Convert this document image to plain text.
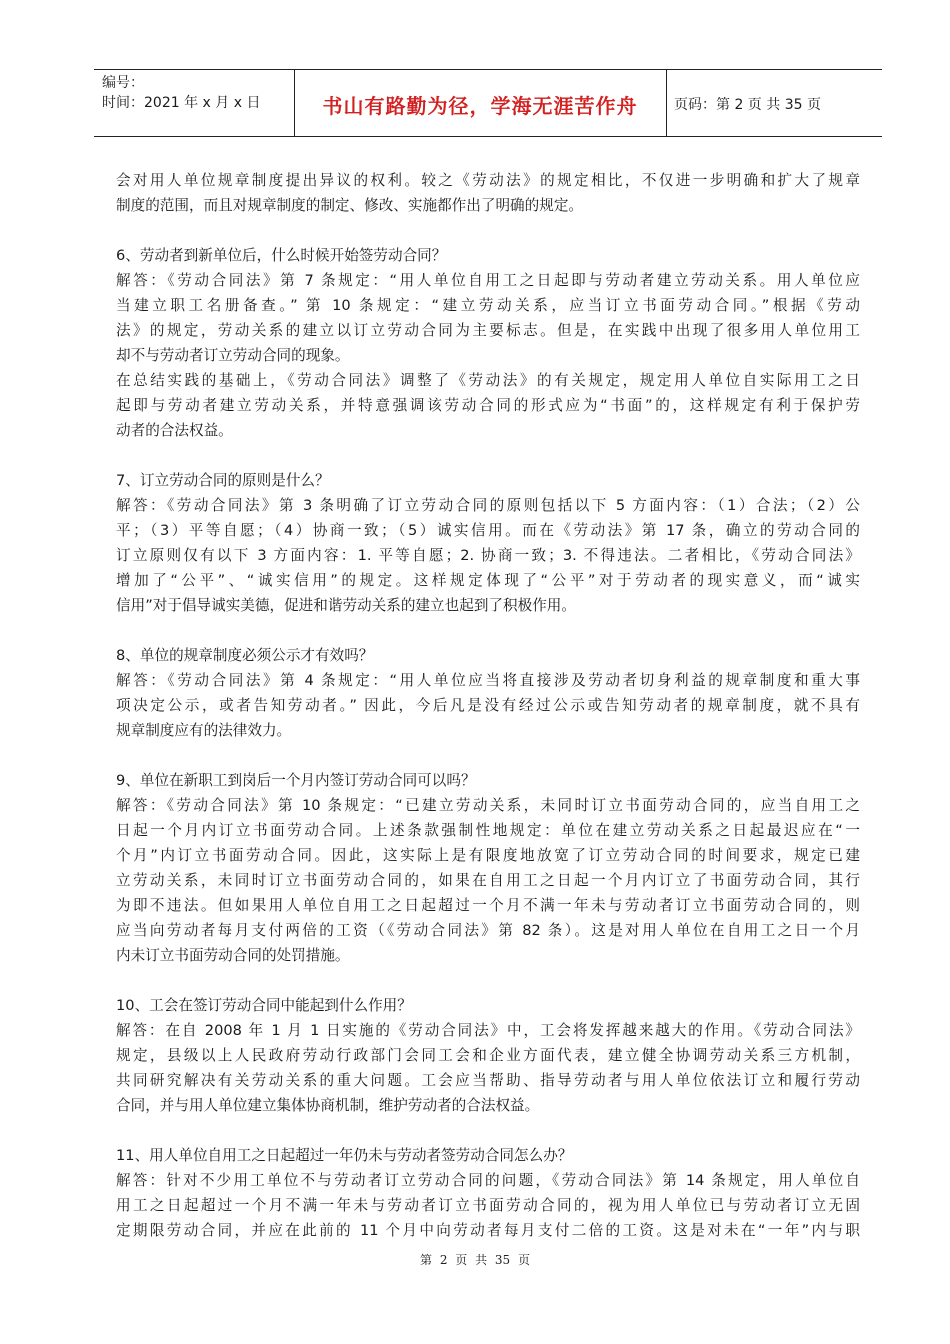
编号：
时间：2021 年 x 月 x 日	书山有路勤为径，学海无涯苦作舟	页码：第 2 页 共 35 页
会对用人单位规章制度提出异议的权利。较之《劳动法》的规定相比，不仅进一步明确和扩大了规章
制度的范围，而且对规章制度的制定、修改、实施都作出了明确的规定。
6、劳动者到新单位后，什么时候开始签劳动合同？
解答：《劳动合同法》第 7 条规定：“用人单位自用工之日起即与劳动者建立劳动关系。用人单位应
当建立职工名册备查。” 第 10 条规定：“建立劳动关系，应当订立书面劳动合同。”根据《劳动
法》的规定，劳动关系的建立以订立劳动合同为主要标志。但是，在实践中出现了很多用人单位用工
却不与劳动者订立劳动合同的现象。
在总结实践的基础上，《劳动合同法》调整了《劳动法》的有关规定，规定用人单位自实际用工之日
起即与劳动者建立劳动关系，并特意强调该劳动合同的形式应为“书面”的，这样规定有利于保护劳
动者的合法权益。
7、订立劳动合同的原则是什么？
解答：《劳动合同法》第 3 条明确了订立劳动合同的原则包括以下 5 方面内容：（1）合法；（2）公
平；（3）平等自愿；（4）协商一致；（5）诚实信用。而在《劳动法》第 17 条，确立的劳动合同的
订立原则仅有以下 3 方面内容：1. 平等自愿；2. 协商一致；3. 不得违法。二者相比，《劳动合同法》
增加了“公平”、“诚实信用”的规定。这样规定体现了“公平”对于劳动者的现实意义，而“诚实
信用”对于倡导诚实美德，促进和谐劳动关系的建立也起到了积极作用。
8、单位的规章制度必须公示才有效吗？
解答：《劳动合同法》第 4 条规定：“用人单位应当将直接涉及劳动者切身利益的规章制度和重大事
项决定公示，或者告知劳动者。” 因此，今后凡是没有经过公示或告知劳动者的规章制度，就不具有
规章制度应有的法律效力。
9、单位在新职工到岗后一个月内签订劳动合同可以吗？
解答：《劳动合同法》第 10 条规定：“已建立劳动关系，未同时订立书面劳动合同的，应当自用工之
日起一个月内订立书面劳动合同。上述条款强制性地规定：单位在建立劳动关系之日起最迟应在“一
个月”内订立书面劳动合同。因此，这实际上是有限度地放宽了订立劳动合同的时间要求，规定已建
立劳动关系，未同时订立书面劳动合同的，如果在自用工之日起一个月内订立了书面劳动合同，其行
为即不违法。但如果用人单位自用工之日起超过一个月不满一年未与劳动者订立书面劳动合同的，则
应当向劳动者每月支付两倍的工资（《劳动合同法》第 82 条）。这是对用人单位在自用工之日一个月
内未订立书面劳动合同的处罚措施。
10、工会在签订劳动合同中能起到什么作用？
解答：在自 2008 年 1 月 1 日实施的《劳动合同法》中，工会将发挥越来越大的作用。《劳动合同法》
规定，县级以上人民政府劳动行政部门会同工会和企业方面代表，建立健全协调劳动关系三方机制，
共同研究解决有关劳动关系的重大问题。工会应当帮助、指导劳动者与用人单位依法订立和履行劳动
合同，并与用人单位建立集体协商机制，维护劳动者的合法权益。
11、用人单位自用工之日起超过一年仍未与劳动者签劳动合同怎么办？
解答：针对不少用工单位不与劳动者订立劳动合同的问题，《劳动合同法》第 14 条规定，用人单位自
用工之日起超过一个月不满一年未与劳动者订立书面劳动合同的，视为用人单位已与劳动者订立无固
定期限劳动合同，并应在此前的 11 个月中向劳动者每月支付二倍的工资。这是对未在“一年”内与职
第 2 页 共 35 页
